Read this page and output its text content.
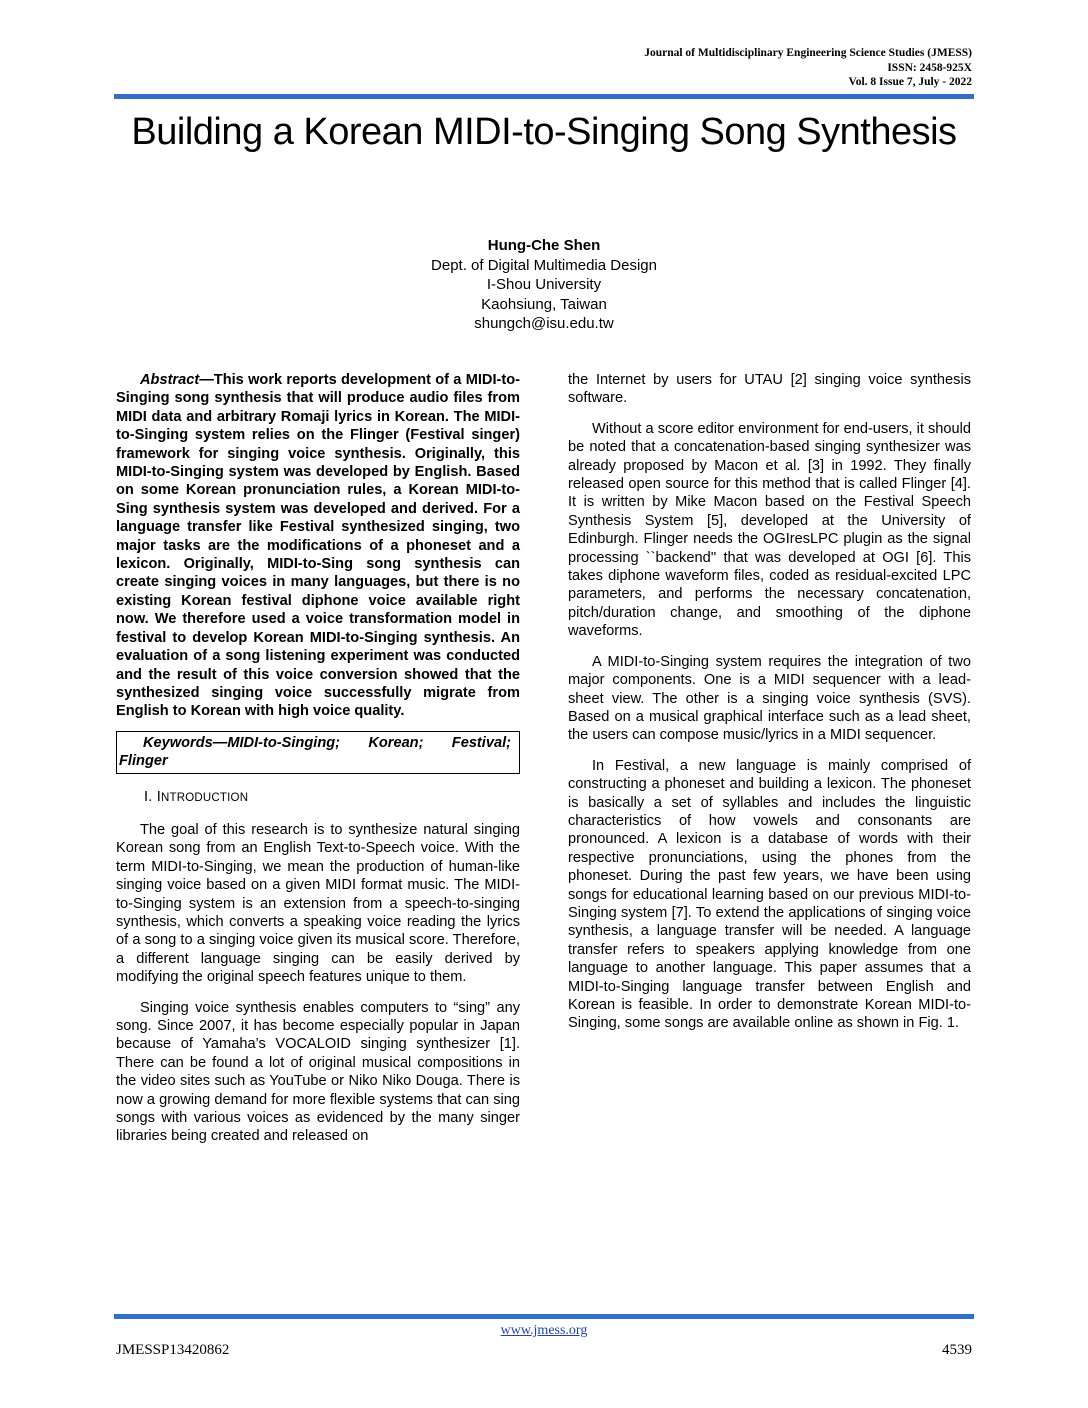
Journal of Multidisciplinary Engineering Science Studies (JMESS)
ISSN: 2458-925X
Vol. 8 Issue 7, July - 2022
Building a Korean MIDI-to-Singing Song Synthesis
Hung-Che Shen
Dept. of Digital Multimedia Design
I-Shou University
Kaohsiung, Taiwan
shungch@isu.edu.tw

Abstract—This work reports development of a MIDI-to-Singing song synthesis that will produce audio files from MIDI data and arbitrary Romaji lyrics in Korean. The MIDI-to-Singing system relies on the Flinger (Festival singer) framework for singing voice synthesis. Originally, this MIDI-to-Singing system was developed by English. Based on some Korean pronunciation rules, a Korean MIDI-to-Sing synthesis system was developed and derived. For a language transfer like Festival synthesized singing, two major tasks are the modifications of a phoneset and a lexicon. Originally, MIDI-to-Sing song synthesis can create singing voices in many languages, but there is no existing Korean festival diphone voice available right now. We therefore used a voice transformation model in festival to develop Korean MIDI-to-Singing synthesis. An evaluation of a song listening experiment was conducted and the result of this voice conversion showed that the synthesized singing voice successfully migrate from English to Korean with high voice quality.

Keywords—MIDI-to-Singing; Korean; Festival; Flinger
I. INTRODUCTION

The goal of this research is to synthesize natural singing Korean song from an English Text-to-Speech voice. With the term MIDI-to-Singing, we mean the production of human-like singing voice based on a given MIDI format music. The MIDI-to-Singing system is an extension from a speech-to-singing synthesis, which converts a speaking voice reading the lyrics of a song to a singing voice given its musical score. Therefore, a different language singing can be easily derived by modifying the original speech features unique to them.

Singing voice synthesis enables computers to “sing” any song. Since 2007, it has become especially popular in Japan because of Yamaha’s VOCALOID singing synthesizer [1]. There can be found a lot of original musical compositions in the video sites such as YouTube or Niko Niko Douga. There is now a growing demand for more flexible systems that can sing songs with various voices as evidenced by the many singer libraries being created and released on

the Internet by users for UTAU [2] singing voice synthesis software.

Without a score editor environment for end-users, it should be noted that a concatenation-based singing synthesizer was already proposed by Macon et al. [3] in 1992. They finally released open source for this method that is called Flinger [4]. It is written by Mike Macon based on the Festival Speech Synthesis System [5], developed at the University of Edinburgh. Flinger needs the OGIresLPC plugin as the signal processing ``backend'' that was developed at OGI [6]. This takes diphone waveform files, coded as residual-excited LPC parameters, and performs the necessary concatenation, pitch/duration change, and smoothing of the diphone waveforms.

A MIDI-to-Singing system requires the integration of two major components. One is a MIDI sequencer with a lead-sheet view. The other is a singing voice synthesis (SVS). Based on a musical graphical interface such as a lead sheet, the users can compose music/lyrics in a MIDI sequencer.

In Festival, a new language is mainly comprised of constructing a phoneset and building a lexicon. The phoneset is basically a set of syllables and includes the linguistic characteristics of how vowels and consonants are pronounced. A lexicon is a database of words with their respective pronunciations, using the phones from the phoneset. During the past few years, we have been using songs for educational learning based on our previous MIDI-to-Singing system [7]. To extend the applications of singing voice synthesis, a language transfer will be needed. A language transfer refers to speakers applying knowledge from one language to another language. This paper assumes that a MIDI-to-Singing language transfer between English and Korean is feasible. In order to demonstrate Korean MIDI-to-Singing, some songs are available online as shown in Fig. 1.

www.jmess.org
JMESSP13420862	4539
